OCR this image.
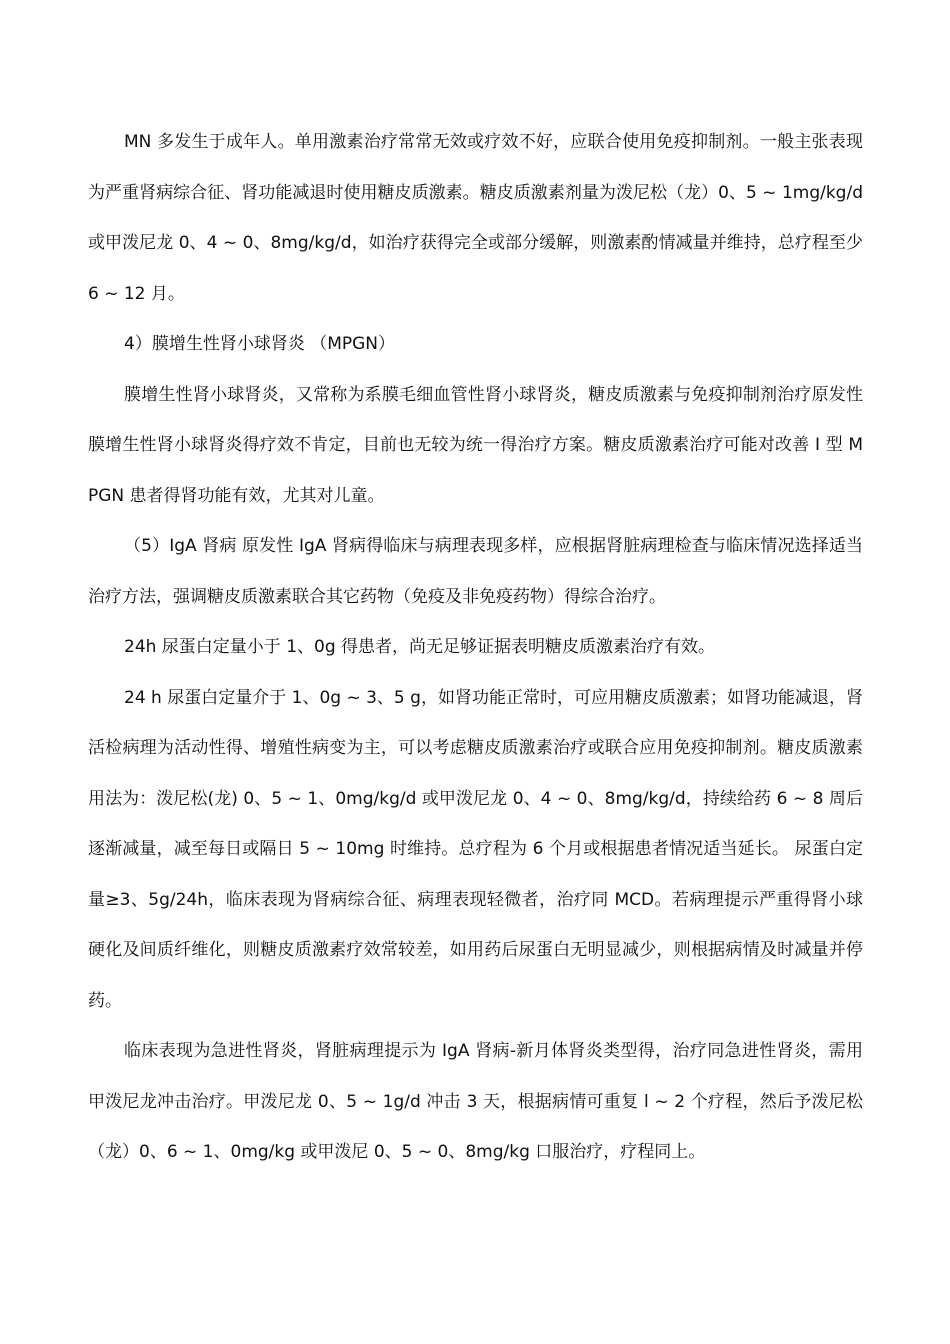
MN 多发生于成年人。单用激素治疗常常无效或疗效不好，应联合使用免疫抑制剂。一般主张表现为严重肾病综合征、肾功能减退时使用糖皮质激素。糖皮质激素剂量为泼尼松（龙）0、5 ~ 1mg/kg/d 或甲泼尼龙 0、4 ~ 0、8mg/kg/d，如治疗获得完全或部分缓解，则激素酌情减量并维持，总疗程至少 6 ~ 12 月。

4）膜增生性肾小球肾炎 （MPGN）

膜增生性肾小球肾炎，又常称为系膜毛细血管性肾小球肾炎，糖皮质激素与免疫抑制剂治疗原发性膜增生性肾小球肾炎得疗效不肯定，目前也无较为统一得治疗方案。糖皮质激素治疗可能对改善 I 型 MPGN 患者得肾功能有效，尤其对儿童。

（5）IgA 肾病 原发性 IgA 肾病得临床与病理表现多样，应根据肾脏病理检查与临床情况选择适当治疗方法，强调糖皮质激素联合其它药物（免疫及非免疫药物）得综合治疗。

24h 尿蛋白定量小于 1、0g 得患者，尚无足够证据表明糖皮质激素治疗有效。

24 h 尿蛋白定量介于 1、0g ~ 3、5 g，如肾功能正常时，可应用糖皮质激素；如肾功能减退，肾活检病理为活动性得、增殖性病变为主，可以考虑糖皮质激素治疗或联合应用免疫抑制剂。糖皮质激素用法为：泼尼松(龙) 0、5 ~ 1、0mg/kg/d 或甲泼尼龙 0、4 ~ 0、8mg/kg/d，持续给药 6 ~ 8 周后逐渐减量，减至每日或隔日 5 ~ 10mg 时维持。总疗程为 6 个月或根据患者情况适当延长。 尿蛋白定量≥3、5g/24h，临床表现为肾病综合征、病理表现轻微者，治疗同 MCD。若病理提示严重得肾小球硬化及间质纤维化，则糖皮质激素疗效常较差，如用药后尿蛋白无明显减少，则根据病情及时减量并停药。

临床表现为急进性肾炎，肾脏病理提示为 IgA 肾病-新月体肾炎类型得，治疗同急进性肾炎，需用甲泼尼龙冲击治疗。甲泼尼龙 0、5 ~ 1g/d 冲击 3 天，根据病情可重复 l ~ 2 个疗程，然后予泼尼松（龙）0、6 ~ 1、0mg/kg 或甲泼尼 0、5 ~ 0、8mg/kg 口服治疗，疗程同上。
